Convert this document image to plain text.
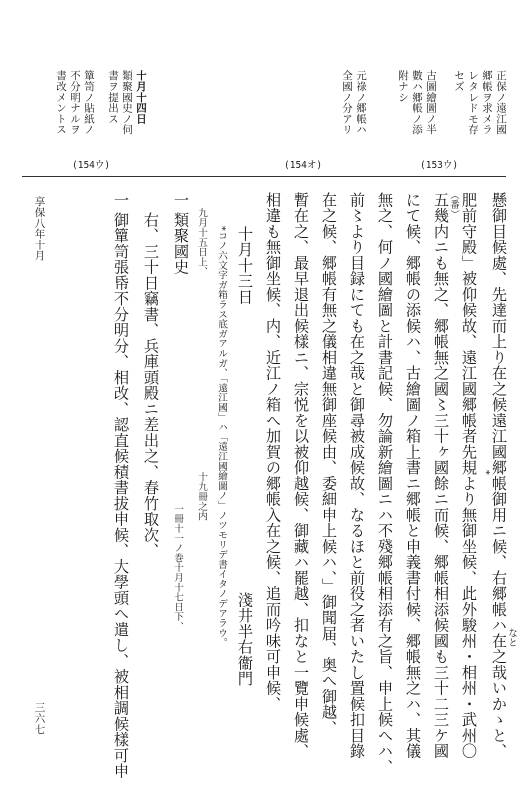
正保ノ遠江國
郷帳ヲ求メラ
レタレドモ存
セズ
古圖繪圖ノ半
數ハ郷帳ノ添
附ナシ
元祿ノ郷帳ハ
全國ノ分アリ
十月十四日
類聚國史ノ伺
書ヲ提出ス
簞笥ノ貼紙ノ
不分明ナルヲ
書改メントス
(153ウ)
(154オ)
(154ウ)
懸御目候處、先達而上り在之候遠江國郷帳御用ニ候、右郷帳ハ在之哉いかゝと、
なと
*
肥前守殿」被仰候故、遠江國郷帳者先規より無御坐候、此外駿州・相州・武州〇
五幾内ニも無之、郷帳無之國〻三十ヶ國餘ニ而候、郷帳相添候國も三十二三ケ國
（番）
にて候、郷帳の添候ハ、古繪圖ノ箱上書ニ郷帳と申義書付候、郷帳無之ハ、其儀
無之、何ノ國繪圖と計書記候、勿論新繪圖ニハ不殘郷帳相添有之旨、申上候へハ、
前〻より目録にても在之哉と御尋被成候故、なるほと前役之者いたし置候扣目錄
在之候、郷帳有無之儀相違無御座候由、委細申上候ハ、」御聞届、奥へ御越、
暫在之、最早退出候樣ニ、宗悦を以被仰越候、御藏ハ罷越、扣なと一覽申候處、
相違も無御坐候、内、近江ノ箱へ加賀の郷帳入在之候、追而吟味可申候、
十月十三日
淺井半右衞門
*コノ六文字ガ箱ラス底ガアルガ、「遠江國」ハ「遠江國繪圖ノ」ノツモリデ書イタノデアラウ。
九月十五日上、
十九冊之内
一
類聚國史
一冊十一ノ巻十月十七日下、
右、三十日竊書、兵庫頭殿ニ差出之、春竹取次、
一
御簞笥張帋不分明分、相改、認直候積書拔申候、大學頭へ遣し、被相調候樣可申
享保八年十月
三六七
